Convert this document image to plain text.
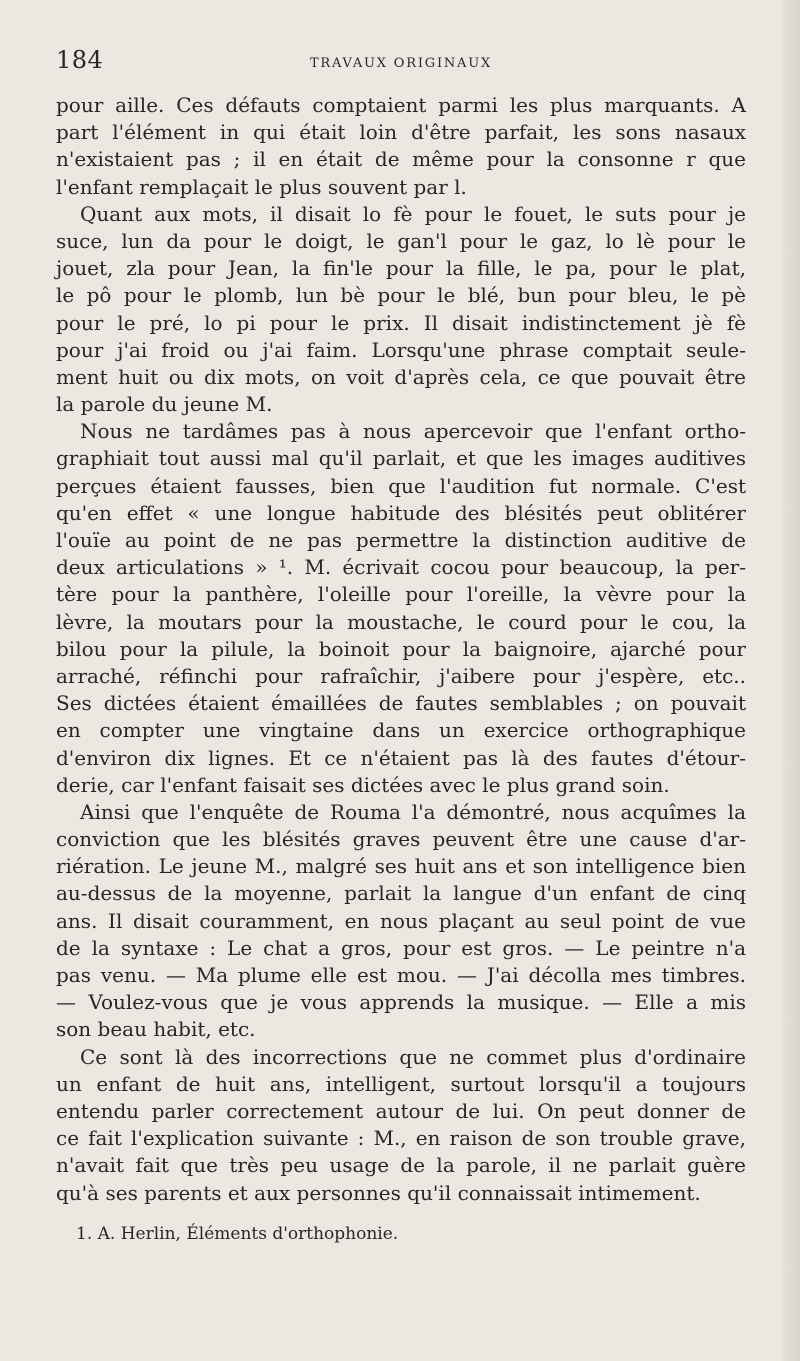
184	TRAVAUX ORIGINAUX
pour aille. Ces défauts comptaient parmi les plus marquants. A
part l'élément in qui était loin d'être parfait, les sons nasaux
n'existaient pas ; il en était de même pour la consonne r que
l'enfant remplaçait le plus souvent par l.
Quant aux mots, il disait lo fè pour le fouet, le suts pour je
suce, lun da pour le doigt, le gan'l pour le gaz, lo lè pour le
jouet, zla pour Jean, la fin'le pour la fille, le pa, pour le plat,
le pô pour le plomb, lun bè pour le blé, bun pour bleu, le pè
pour le pré, lo pi pour le prix. Il disait indistinctement jè fè
pour j'ai froid ou j'ai faim. Lorsqu'une phrase comptait seule-
ment huit ou dix mots, on voit d'après cela, ce que pouvait être
la parole du jeune M.
Nous ne tardâmes pas à nous apercevoir que l'enfant ortho-
graphiait tout aussi mal qu'il parlait, et que les images auditives
perçues étaient fausses, bien que l'audition fut normale. C'est
qu'en effet « une longue habitude des blésités peut oblitérer
l'ouïe au point de ne pas permettre la distinction auditive de
deux articulations » ¹. M. écrivait cocou pour beaucoup, la per-
tère pour la panthère, l'oleille pour l'oreille, la vèvre pour la
lèvre, la moutars pour la moustache, le courd pour le cou, la
bilou pour la pilule, la boinoit pour la baignoire, ajarché pour
arraché, réfinchi pour rafraîchir, j'aibere pour j'espère, etc..
Ses dictées étaient émaillées de fautes semblables ; on pouvait
en compter une vingtaine dans un exercice orthographique
d'environ dix lignes. Et ce n'étaient pas là des fautes d'étour-
derie, car l'enfant faisait ses dictées avec le plus grand soin.
Ainsi que l'enquête de Rouma l'a démontré, nous acquîmes la
conviction que les blésités graves peuvent être une cause d'ar-
riération. Le jeune M., malgré ses huit ans et son intelligence bien
au-dessus de la moyenne, parlait la langue d'un enfant de cinq
ans. Il disait couramment, en nous plaçant au seul point de vue
de la syntaxe : Le chat a gros, pour est gros. — Le peintre n'a
pas venu. — Ma plume elle est mou. — J'ai décolla mes timbres.
— Voulez-vous que je vous apprends la musique. — Elle a mis
son beau habit, etc.
Ce sont là des incorrections que ne commet plus d'ordinaire
un enfant de huit ans, intelligent, surtout lorsqu'il a toujours
entendu parler correctement autour de lui. On peut donner de
ce fait l'explication suivante : M., en raison de son trouble grave,
n'avait fait que très peu usage de la parole, il ne parlait guère
qu'à ses parents et aux personnes qu'il connaissait intimement.
1. A. Herlin, Éléments d'orthophonie.
